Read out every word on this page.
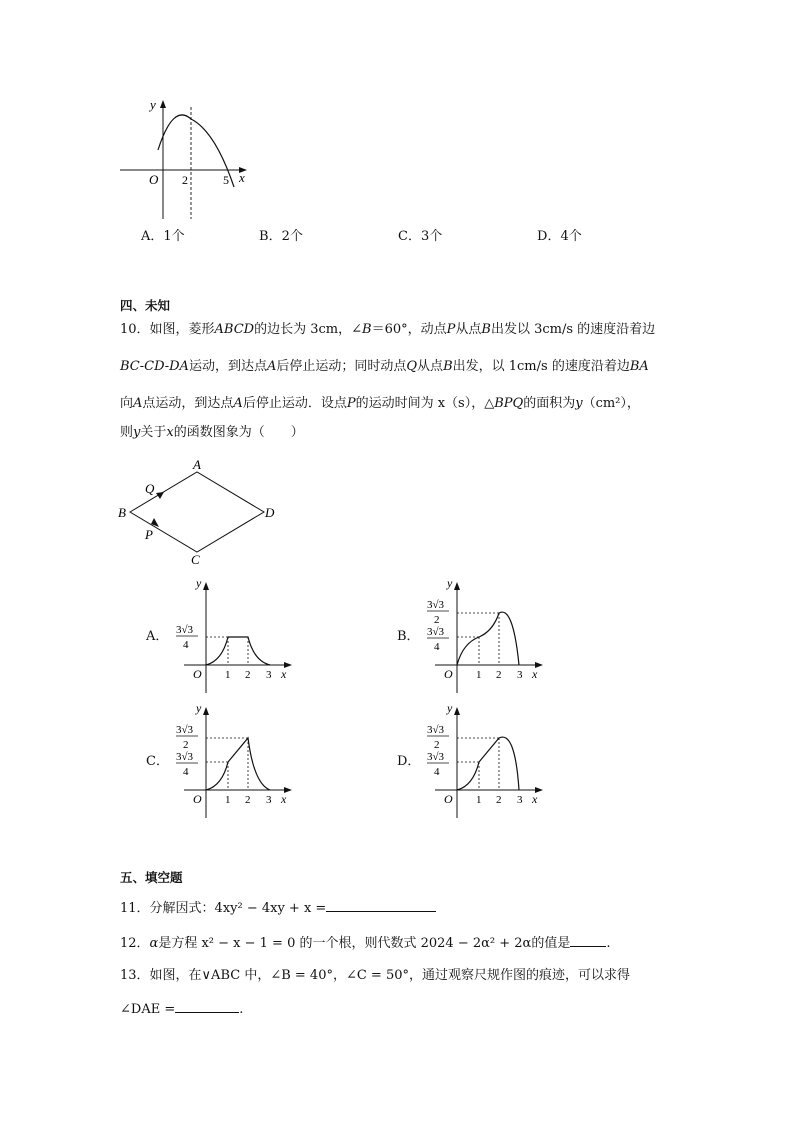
y
x
O 2	5
A．1个	B．2个	C．3个	D．4个
四、未知
10．如图，菱形ABCD的边长为 3cm，∠B＝60°，动点P从点B出发以 3cm/s 的速度沿着边
BC-CD-DA运动，到达点A后停止运动；同时动点Q从点B出发，以 1cm/s 的速度沿着边BA
向A点运动，到达点A后停止运动．设点P的运动时间为 x（s），△BPQ的面积为y（cm²），
则y关于x的函数图象为（　　）
A
B
C
D
Q
P
A． 3√3
4
y
O 1 2 3 x
B．
3√3
2
3√3
4
y
O 1 2 3 x
C．
3√3
2
3√3
4
y
O 1 2 3 x
D．
3√3
2
3√3
4
y
O 1 2 3 x
五、填空题
11．分解因式：4xy² − 4xy + x =
12．α是方程 x² − x − 1 = 0 的一个根，则代数式 2024 − 2α² + 2α的值是	.
13．如图，在∨ABC 中，∠B = 40°，∠C = 50°，通过观察尺规作图的痕迹，可以求得
∠DAE =	.
